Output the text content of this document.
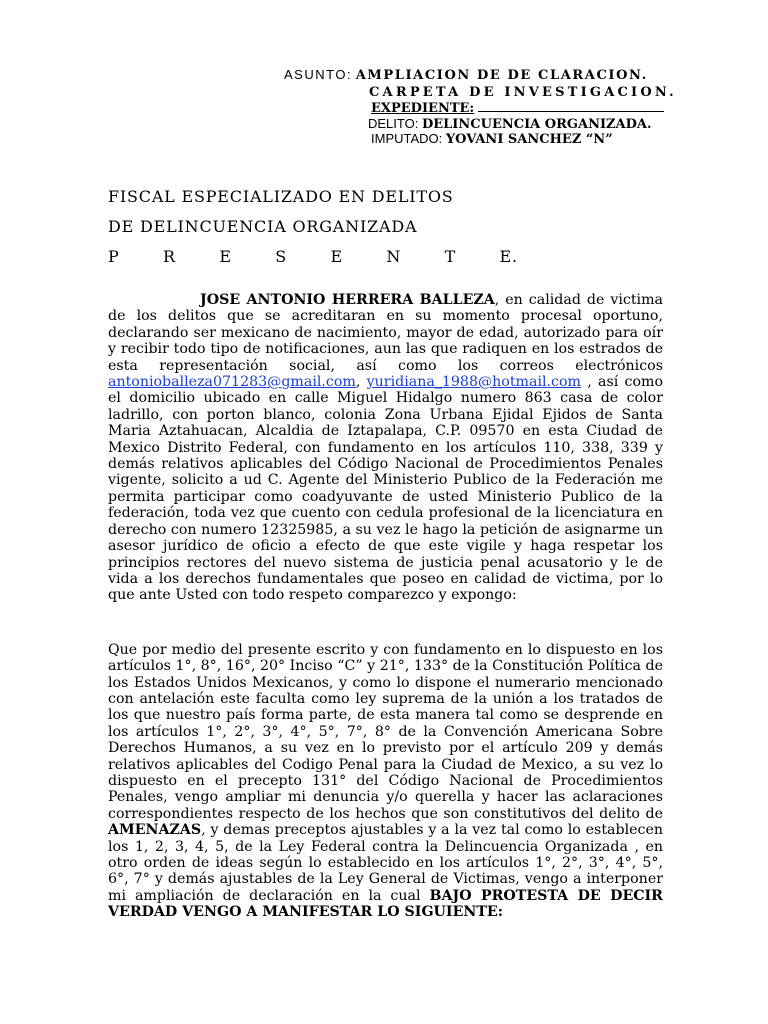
ASUNTO: AMPLIACION DE DE CLARACION.
CARPETA DE INVESTIGACION.
EXPEDIENTE:
DELITO: DELINCUENCIA ORGANIZADA.
IMPUTADO: YOVANI SANCHEZ “N”
FISCAL ESPECIALIZADO EN DELITOS
DE DELINCUENCIA ORGANIZADA
P	R	E	S	E	N	T	E.

JOSE ANTONIO HERRERA BALLEZA, en calidad de victima de los delitos que se acreditaran en su momento procesal oportuno, declarando ser mexicano de nacimiento, mayor de edad, autorizado para oír y recibir todo tipo de notificaciones, aun las que radiquen en los estrados de esta representación social, así como los correos electrónicos antonioballeza071283@gmail.com, yuridiana_1988@hotmail.com , así como el domicilio ubicado en calle Miguel Hidalgo numero 863 casa de color ladrillo, con porton blanco, colonia Zona Urbana Ejidal Ejidos de Santa Maria Aztahuacan, Alcaldia de Iztapalapa, C.P. 09570 en esta Ciudad de Mexico Distrito Federal, con fundamento en los artículos 110, 338, 339 y demás relativos aplicables del Código Nacional de Procedimientos Penales vigente, solicito a ud C. Agente del Ministerio Publico de la Federación me permita participar como coadyuvante de usted Ministerio Publico de la federación, toda vez que cuento con cedula profesional de la licenciatura en derecho con numero 12325985, a su vez le hago la petición de asignarme un asesor jurídico de oficio a efecto de que este vigile y haga respetar los principios rectores del nuevo sistema de justicia penal acusatorio y le de vida a los derechos fundamentales que poseo en calidad de victima, por lo que ante Usted con todo respeto comparezco y expongo:

Que por medio del presente escrito y con fundamento en lo dispuesto en los artículos 1°, 8°, 16°, 20° Inciso “C” y 21°, 133° de la Constitución Política de los Estados Unidos Mexicanos, y como lo dispone el numerario mencionado con antelación este faculta como ley suprema de la unión a los tratados de los que nuestro país forma parte, de esta manera tal como se desprende en los artículos 1°, 2°, 3°, 4°, 5°, 7°, 8° de la Convención Americana Sobre Derechos Humanos, a su vez en lo previsto por el artículo 209 y demás relativos aplicables del Codigo Penal para la Ciudad de Mexico, a su vez lo dispuesto en el precepto 131° del Código Nacional de Procedimientos Penales, vengo ampliar mi denuncia y/o querella y hacer las aclaraciones correspondientes respecto de los hechos que son constitutivos del delito de AMENAZAS, y demas preceptos ajustables y a la vez tal como lo establecen los 1, 2, 3, 4, 5, de la Ley Federal contra la Delincuencia Organizada , en otro orden de ideas según lo establecido en los artículos 1°, 2°, 3°, 4°, 5°, 6°, 7° y demás ajustables de la Ley General de Victimas, vengo a interponer mi ampliación de declaración en la cual BAJO PROTESTA DE DECIR VERDAD VENGO A MANIFESTAR LO SIGUIENTE:
